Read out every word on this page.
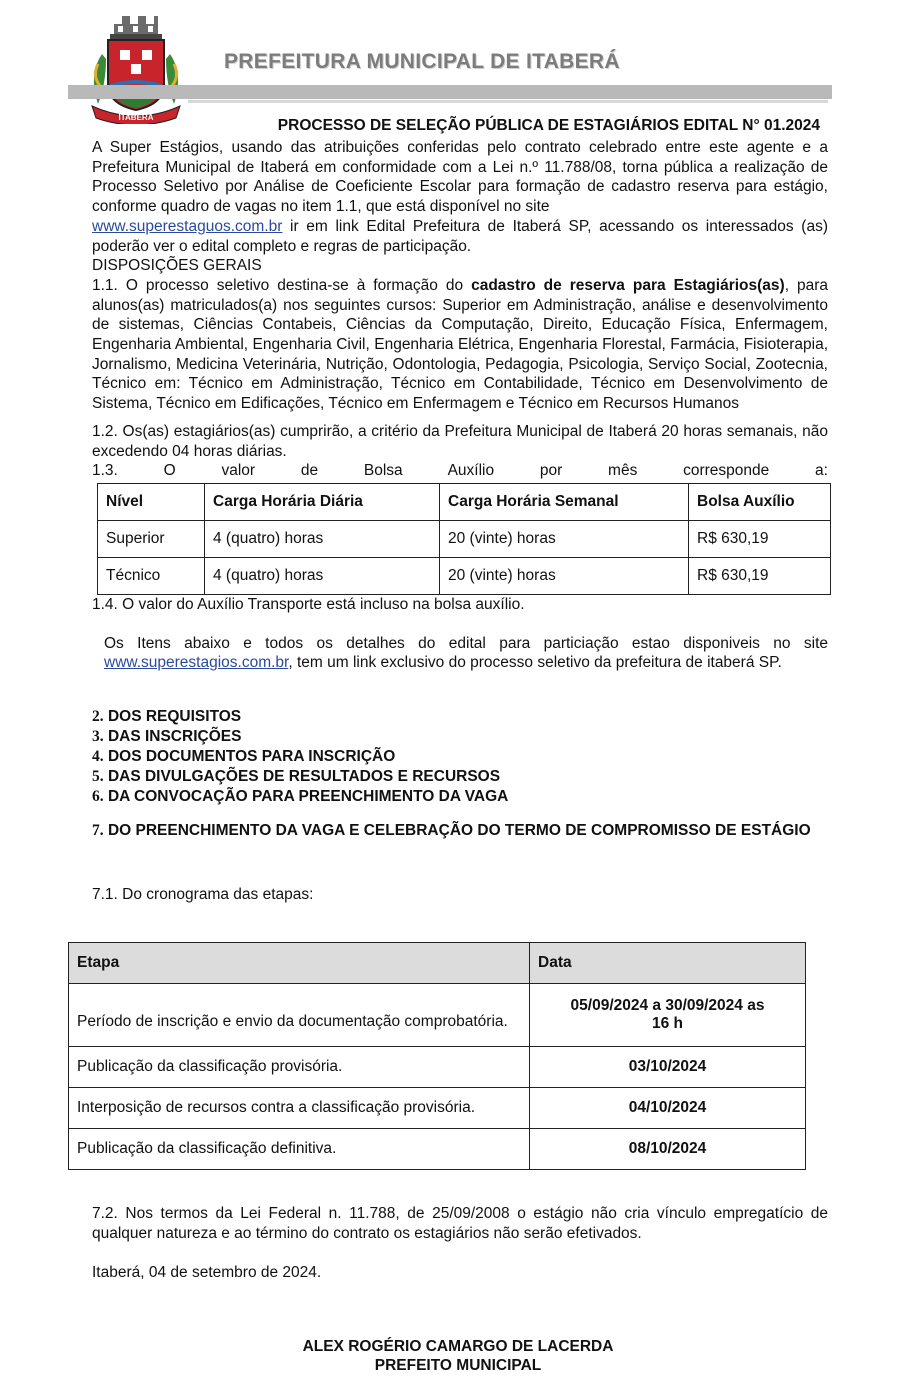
ITABERÁ
PREFEITURA MUNICIPAL DE ITABERÁ
PROCESSO DE SELEÇÃO PÚBLICA DE ESTAGIÁRIOS EDITAL N° 01.2024

A Super Estágios, usando das atribuições conferidas pelo contrato celebrado entre este agente e a Prefeitura Municipal de Itaberá em conformidade com a Lei n.º 11.788/08, torna pública a realização de Processo Seletivo por Análise de Coeficiente Escolar para formação de cadastro reserva para estágio, conforme quadro de vagas no item 1.1, que está disponível no site
www.superestaguos.com.br ir em link Edital Prefeitura de Itaberá SP, acessando os interessados (as) poderão ver o edital completo e regras de participação.

DISPOSIÇÕES GERAIS

1.1. O processo seletivo destina-se à formação do cadastro de reserva para Estagiários(as), para alunos(as) matriculados(a) nos seguintes cursos: Superior em Administração, análise e desenvolvimento de sistemas, Ciências Contabeis, Ciências da Computação, Direito, Educação Física, Enfermagem, Engenharia Ambiental, Engenharia Civil, Engenharia Elétrica, Engenharia Florestal, Farmácia, Fisioterapia, Jornalismo, Medicina Veterinária, Nutrição, Odontologia, Pedagogia, Psicologia, Serviço Social, Zootecnia, Técnico em: Técnico em Administração, Técnico em Contabilidade, Técnico em Desenvolvimento de Sistema, Técnico em Edificações, Técnico em Enfermagem e Técnico em Recursos Humanos

1.2. Os(as) estagiários(as) cumprirão, a critério da Prefeitura Municipal de Itaberá 20 horas semanais, não excedendo 04 horas diárias.

1.3. O valor de Bolsa Auxílio por mês corresponde a:

Nível	Carga Horária Diária	Carga Horária Semanal	Bolsa Auxílio
Superior	4 (quatro) horas	20 (vinte) horas	R$ 630,19
Técnico	4 (quatro) horas	20 (vinte) horas	R$ 630,19

1.4. O valor do Auxílio Transporte está incluso na bolsa auxílio.

Os Itens abaixo e todos os detalhes do edital para particiação estao disponiveis no site www.superestagios.com.br, tem um link exclusivo do processo seletivo da prefeitura de itaberá SP.

2. DOS REQUISITOS
3. DAS INSCRIÇÕES
4. DOS DOCUMENTOS PARA INSCRIÇÃO
5. DAS DIVULGAÇÕES DE RESULTADOS E RECURSOS
6. DA CONVOCAÇÃO PARA PREENCHIMENTO DA VAGA
7. DO PREENCHIMENTO DA VAGA E CELEBRAÇÃO DO TERMO DE COMPROMISSO DE ESTÁGIO

7.1. Do cronograma das etapas:

Etapa	Data
Período de inscrição e envio da documentação comprobatória.	05/09/2024 a 30/09/2024 as 16 h
Publicação da classificação provisória.	03/10/2024
Interposição de recursos contra a classificação provisória.	04/10/2024
Publicação da classificação definitiva.	08/10/2024

7.2. Nos termos da Lei Federal n. 11.788, de 25/09/2008 o estágio não cria vínculo empregatício de qualquer natureza e ao término do contrato os estagiários não serão efetivados.

Itaberá, 04 de setembro de 2024.

ALEX ROGÉRIO CAMARGO DE LACERDA
PREFEITO MUNICIPAL
